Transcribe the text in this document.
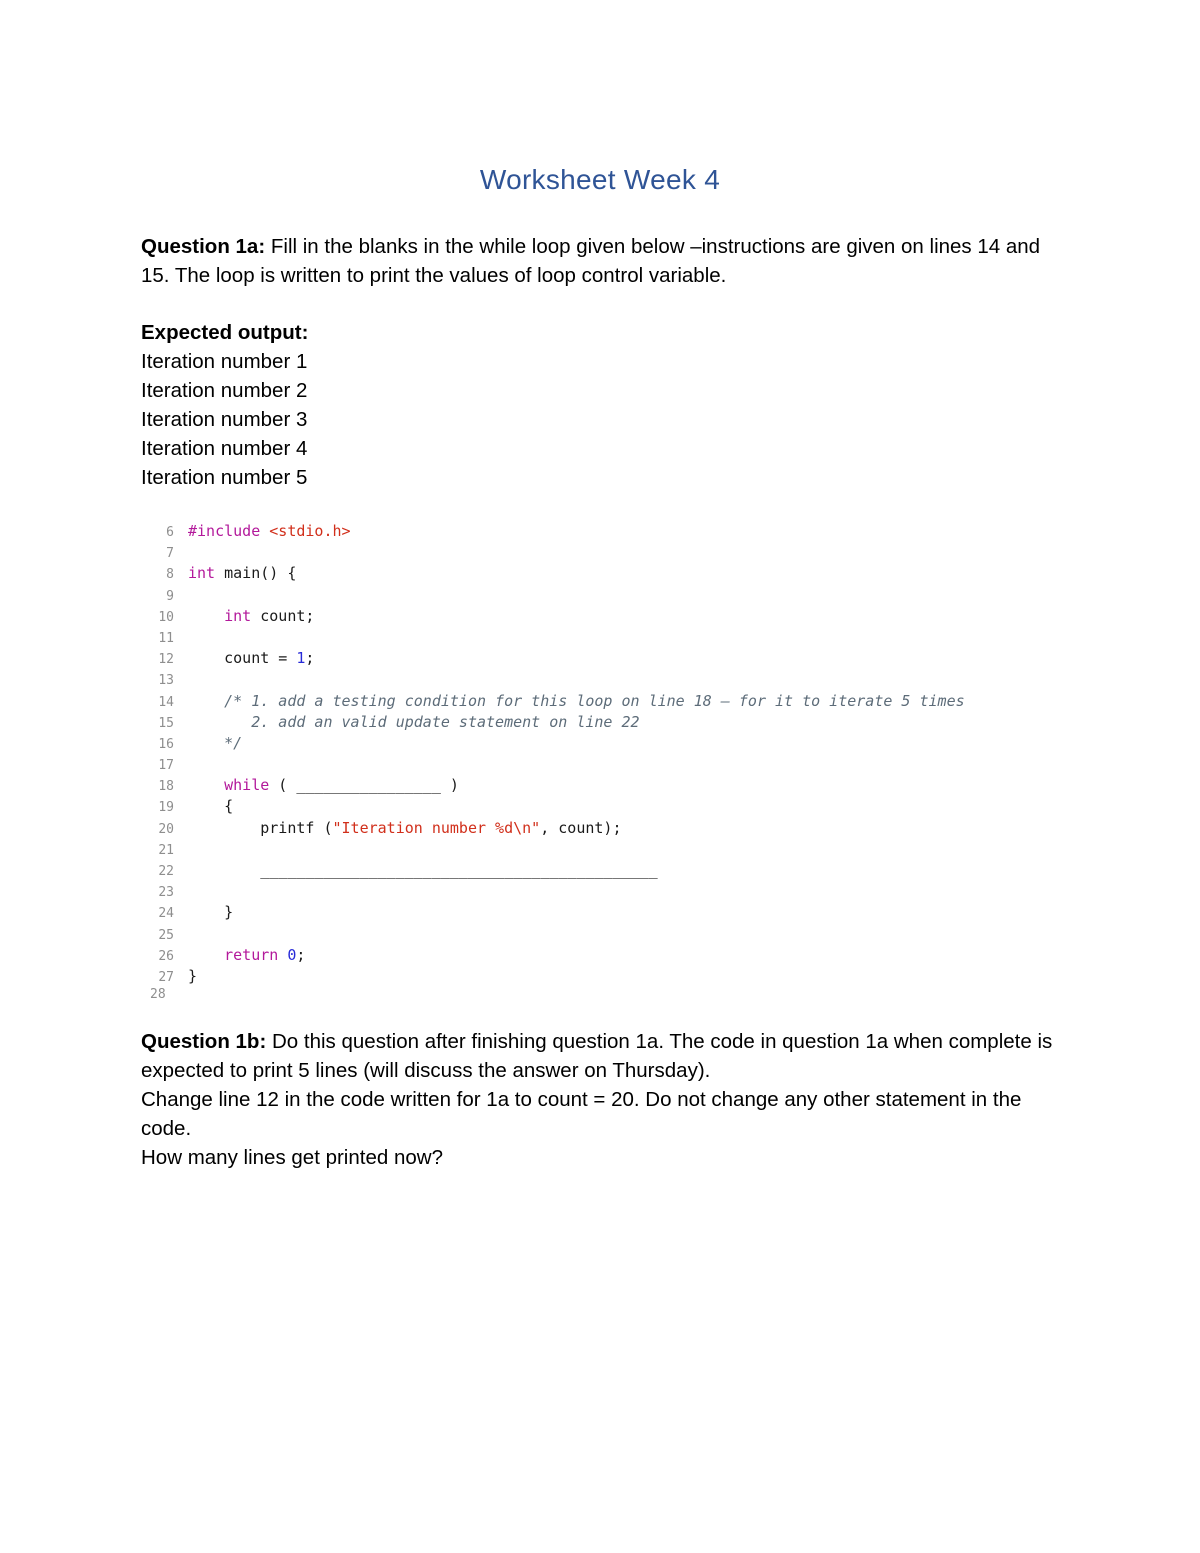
Worksheet Week 4

Question 1a: Fill in the blanks in the while loop given below –instructions are given on lines 14 and 15. The loop is written to print the values of loop control variable.

Expected output:

Iteration number 1

Iteration number 2

Iteration number 3

Iteration number 4

Iteration number 5

6 #include <stdio.h>
7
8 int main() {
9
10	int count;
11
12    count = 1;
13
14	/* 1. add a testing condition for this loop on line 18 – for it to iterate 5 times
15       2. add an valid update statement on line 22
16	*/
17
18	while ( ________________ )
19    {
20        printf ("Iteration number %d\n", count);
21
22        ____________________________________________
23
24    }
25
26	return 0;
27 }
28

Question 1b: Do this question after finishing question 1a. The code in question 1a when complete is expected to print 5 lines (will discuss the answer on Thursday).

Change line 12 in the code written for 1a to count = 20. Do not change any other statement in the code.

How many lines get printed now?
